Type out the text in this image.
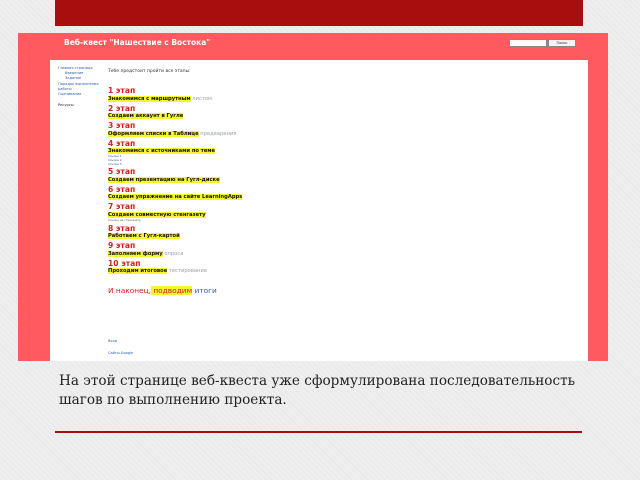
Веб-квест "Нашествие с Востока"	Поиск
Главная страница
Введение
Задание
Порядок выполнения работы
Оценивание
Ресурсы
Тебе предстоит пройти все этапы:
1 этап
Знакомимся с маршрутным листом
2 этап
Создаем аккаунт в Гугле
3 этап
Оформляем списки в Таблице предварения
4 этап
Знакомимся с источниками по теме
Ссылка 1
Ссылка 2
Ссылка 3
5 этап
Создаем презентацию на Гугл-диске
6 этап
Создаем упражнение на сайте LearningApps
7 этап
Создаем совместную стенгазету
Ссылка на стенгазету
8 этап
Работаем с Гугл-картой
9 этап
Заполняем форму опроса
10 этап
Проходим итоговое тестирование
И наконец, подводим итоги
Вход
Сайты Google
На этой странице веб-квеста уже сформулирована последовательность шагов по выполнению проекта.
